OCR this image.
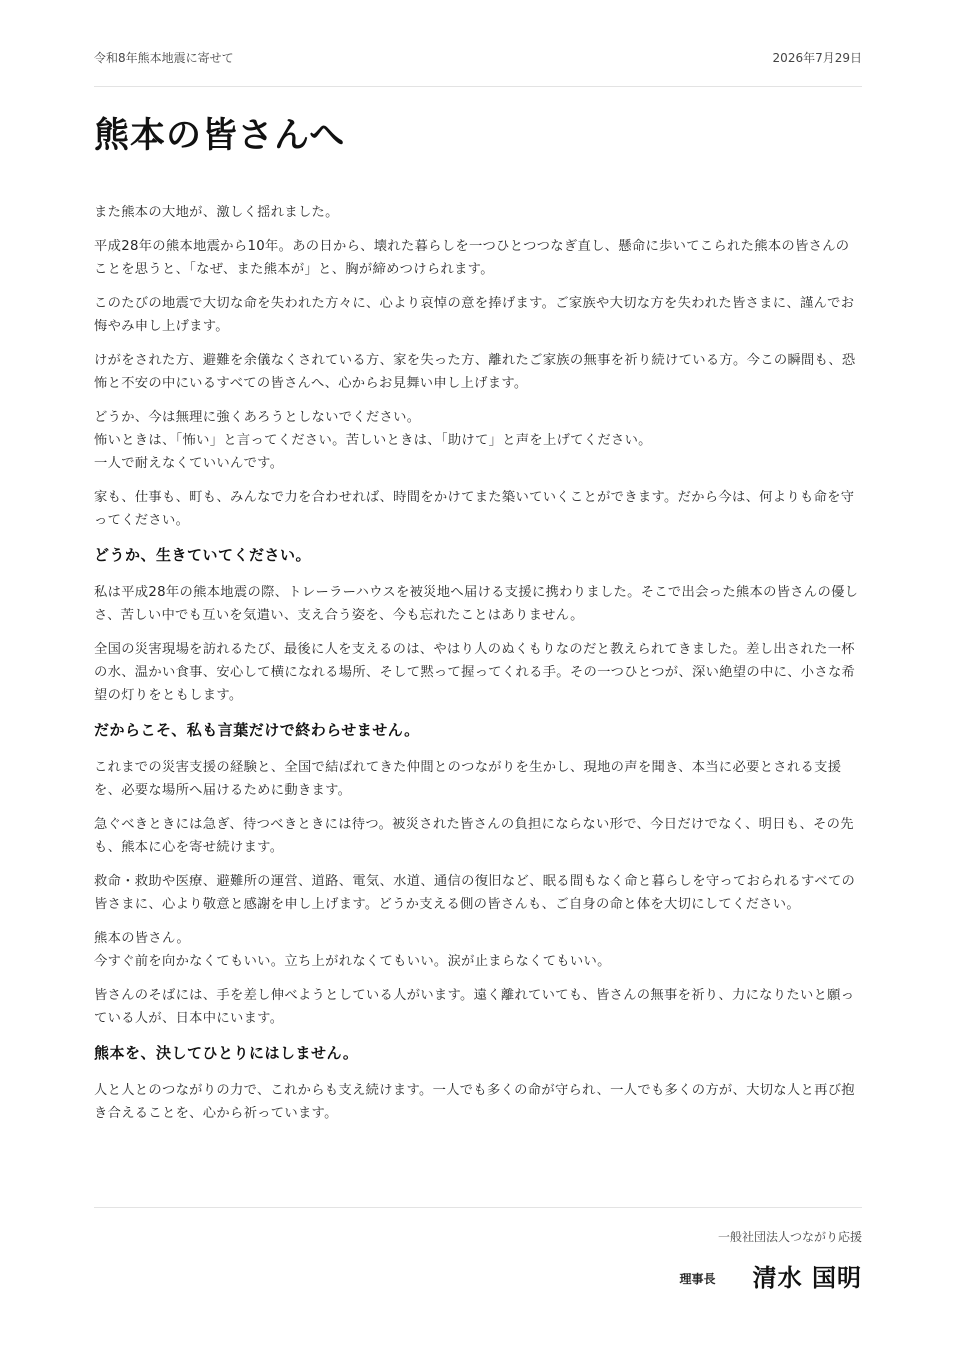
令和8年熊本地震に寄せて	2026年7月29日
熊本の皆さんへ

また熊本の大地が、激しく揺れました。

平成28年の熊本地震から10年。あの日から、壊れた暮らしを一つひとつつなぎ直し、懸命に歩いてこられた熊本の皆さんのことを思うと、「なぜ、また熊本が」と、胸が締めつけられます。

このたびの地震で大切な命を失われた方々に、心より哀悼の意を捧げます。ご家族や大切な方を失われた皆さまに、謹んでお悔やみ申し上げます。

けがをされた方、避難を余儀なくされている方、家を失った方、離れたご家族の無事を祈り続けている方。今この瞬間も、恐怖と不安の中にいるすべての皆さんへ、心からお見舞い申し上げます。

どうか、今は無理に強くあろうとしないでください。
怖いときは、「怖い」と言ってください。苦しいときは、「助けて」と声を上げてください。
一人で耐えなくていいんです。

家も、仕事も、町も、みんなで力を合わせれば、時間をかけてまた築いていくことができます。だから今は、何よりも命を守ってください。

どうか、生きていてください。

私は平成28年の熊本地震の際、トレーラーハウスを被災地へ届ける支援に携わりました。そこで出会った熊本の皆さんの優しさ、苦しい中でも互いを気遣い、支え合う姿を、今も忘れたことはありません。

全国の災害現場を訪れるたび、最後に人を支えるのは、やはり人のぬくもりなのだと教えられてきました。差し出された一杯の水、温かい食事、安心して横になれる場所、そして黙って握ってくれる手。その一つひとつが、深い絶望の中に、小さな希望の灯りをともします。

だからこそ、私も言葉だけで終わらせません。

これまでの災害支援の経験と、全国で結ばれてきた仲間とのつながりを生かし、現地の声を聞き、本当に必要とされる支援を、必要な場所へ届けるために動きます。

急ぐべきときには急ぎ、待つべきときには待つ。被災された皆さんの負担にならない形で、今日だけでなく、明日も、その先も、熊本に心を寄せ続けます。

救命・救助や医療、避難所の運営、道路、電気、水道、通信の復旧など、眠る間もなく命と暮らしを守っておられるすべての皆さまに、心より敬意と感謝を申し上げます。どうか支える側の皆さんも、ご自身の命と体を大切にしてください。

熊本の皆さん。
今すぐ前を向かなくてもいい。立ち上がれなくてもいい。涙が止まらなくてもいい。

皆さんのそばには、手を差し伸べようとしている人がいます。遠く離れていても、皆さんの無事を祈り、力になりたいと願っている人が、日本中にいます。

熊本を、決してひとりにはしません。

人と人とのつながりの力で、これからも支え続けます。一人でも多くの命が守られ、一人でも多くの方が、大切な人と再び抱き合えることを、心から祈っています。

一般社団法人つながり応援
理事長 清水 国明
